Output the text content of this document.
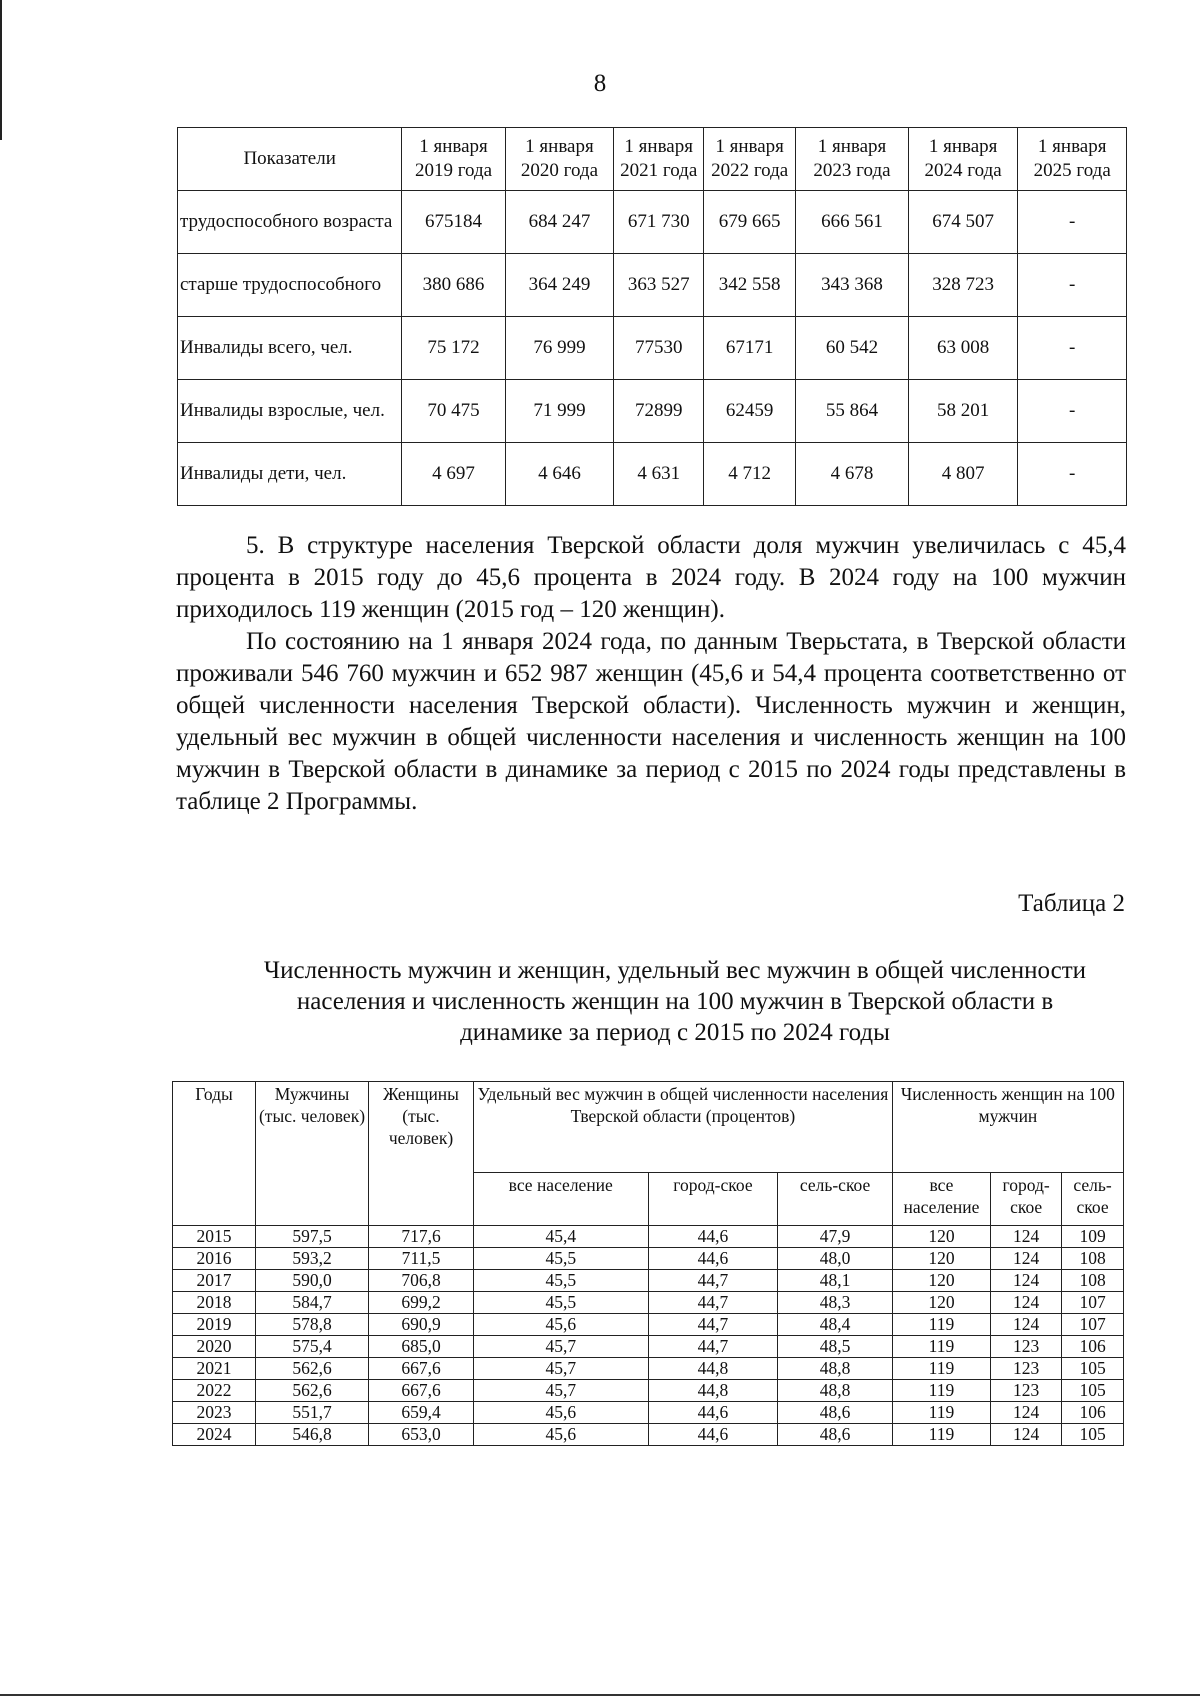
8
Показатели	1 января 2019 года	1 января 2020 года	1 января 2021 года	1 января 2022 года	1 января 2023 года	1 января 2024 года	1 января 2025 года
трудоспособного возраста	675184	684 247	671 730	679 665	666 561	674 507	-
старше трудоспособного	380 686	364 249	363 527	342 558	343 368	328 723	-
Инвалиды всего, чел.	75 172	76 999	77530	67171	60 542	63 008	-
Инвалиды взрослые, чел.	70 475	71 999	72899	62459	55 864	58 201	-
Инвалиды дети, чел.	4 697	4 646	4 631	4 712	4 678	4 807	-

5. В структуре населения Тверской области доля мужчин увеличилась с 45,4 процента в 2015 году до 45,6 процента в 2024 году. В 2024 году на 100 мужчин приходилось 119 женщин (2015 год – 120 женщин).

По состоянию на 1 января 2024 года, по данным Тверьстата, в Тверской области проживали 546 760 мужчин и 652 987 женщин (45,6 и 54,4 процента соответственно от общей численности населения Тверской области). Численность мужчин и женщин, удельный вес мужчин в общей численности населения и численность женщин на 100 мужчин в Тверской области в динамике за период с 2015 по 2024 годы представлены в таблице 2 Программы.

Таблица 2
Численность мужчин и женщин, удельный вес мужчин в общей численности населения и численность женщин на 100 мужчин в Тверской области в динамике за период с 2015 по 2024 годы
Годы	Мужчины (тыс. человек)	Женщины (тыс. человек)	Удельный вес мужчин в общей численности населения Тверской области (процентов)			Численность женщин на 100 мужчин		
			все население	город-ское	сель-ское	все население	город-ское	сель-ское
2015	597,5	717,6	45,4	44,6	47,9	120	124	109
2016	593,2	711,5	45,5	44,6	48,0	120	124	108
2017	590,0	706,8	45,5	44,7	48,1	120	124	108
2018	584,7	699,2	45,5	44,7	48,3	120	124	107
2019	578,8	690,9	45,6	44,7	48,4	119	124	107
2020	575,4	685,0	45,7	44,7	48,5	119	123	106
2021	562,6	667,6	45,7	44,8	48,8	119	123	105
2022	562,6	667,6	45,7	44,8	48,8	119	123	105
2023	551,7	659,4	45,6	44,6	48,6	119	124	106
2024	546,8	653,0	45,6	44,6	48,6	119	124	105
